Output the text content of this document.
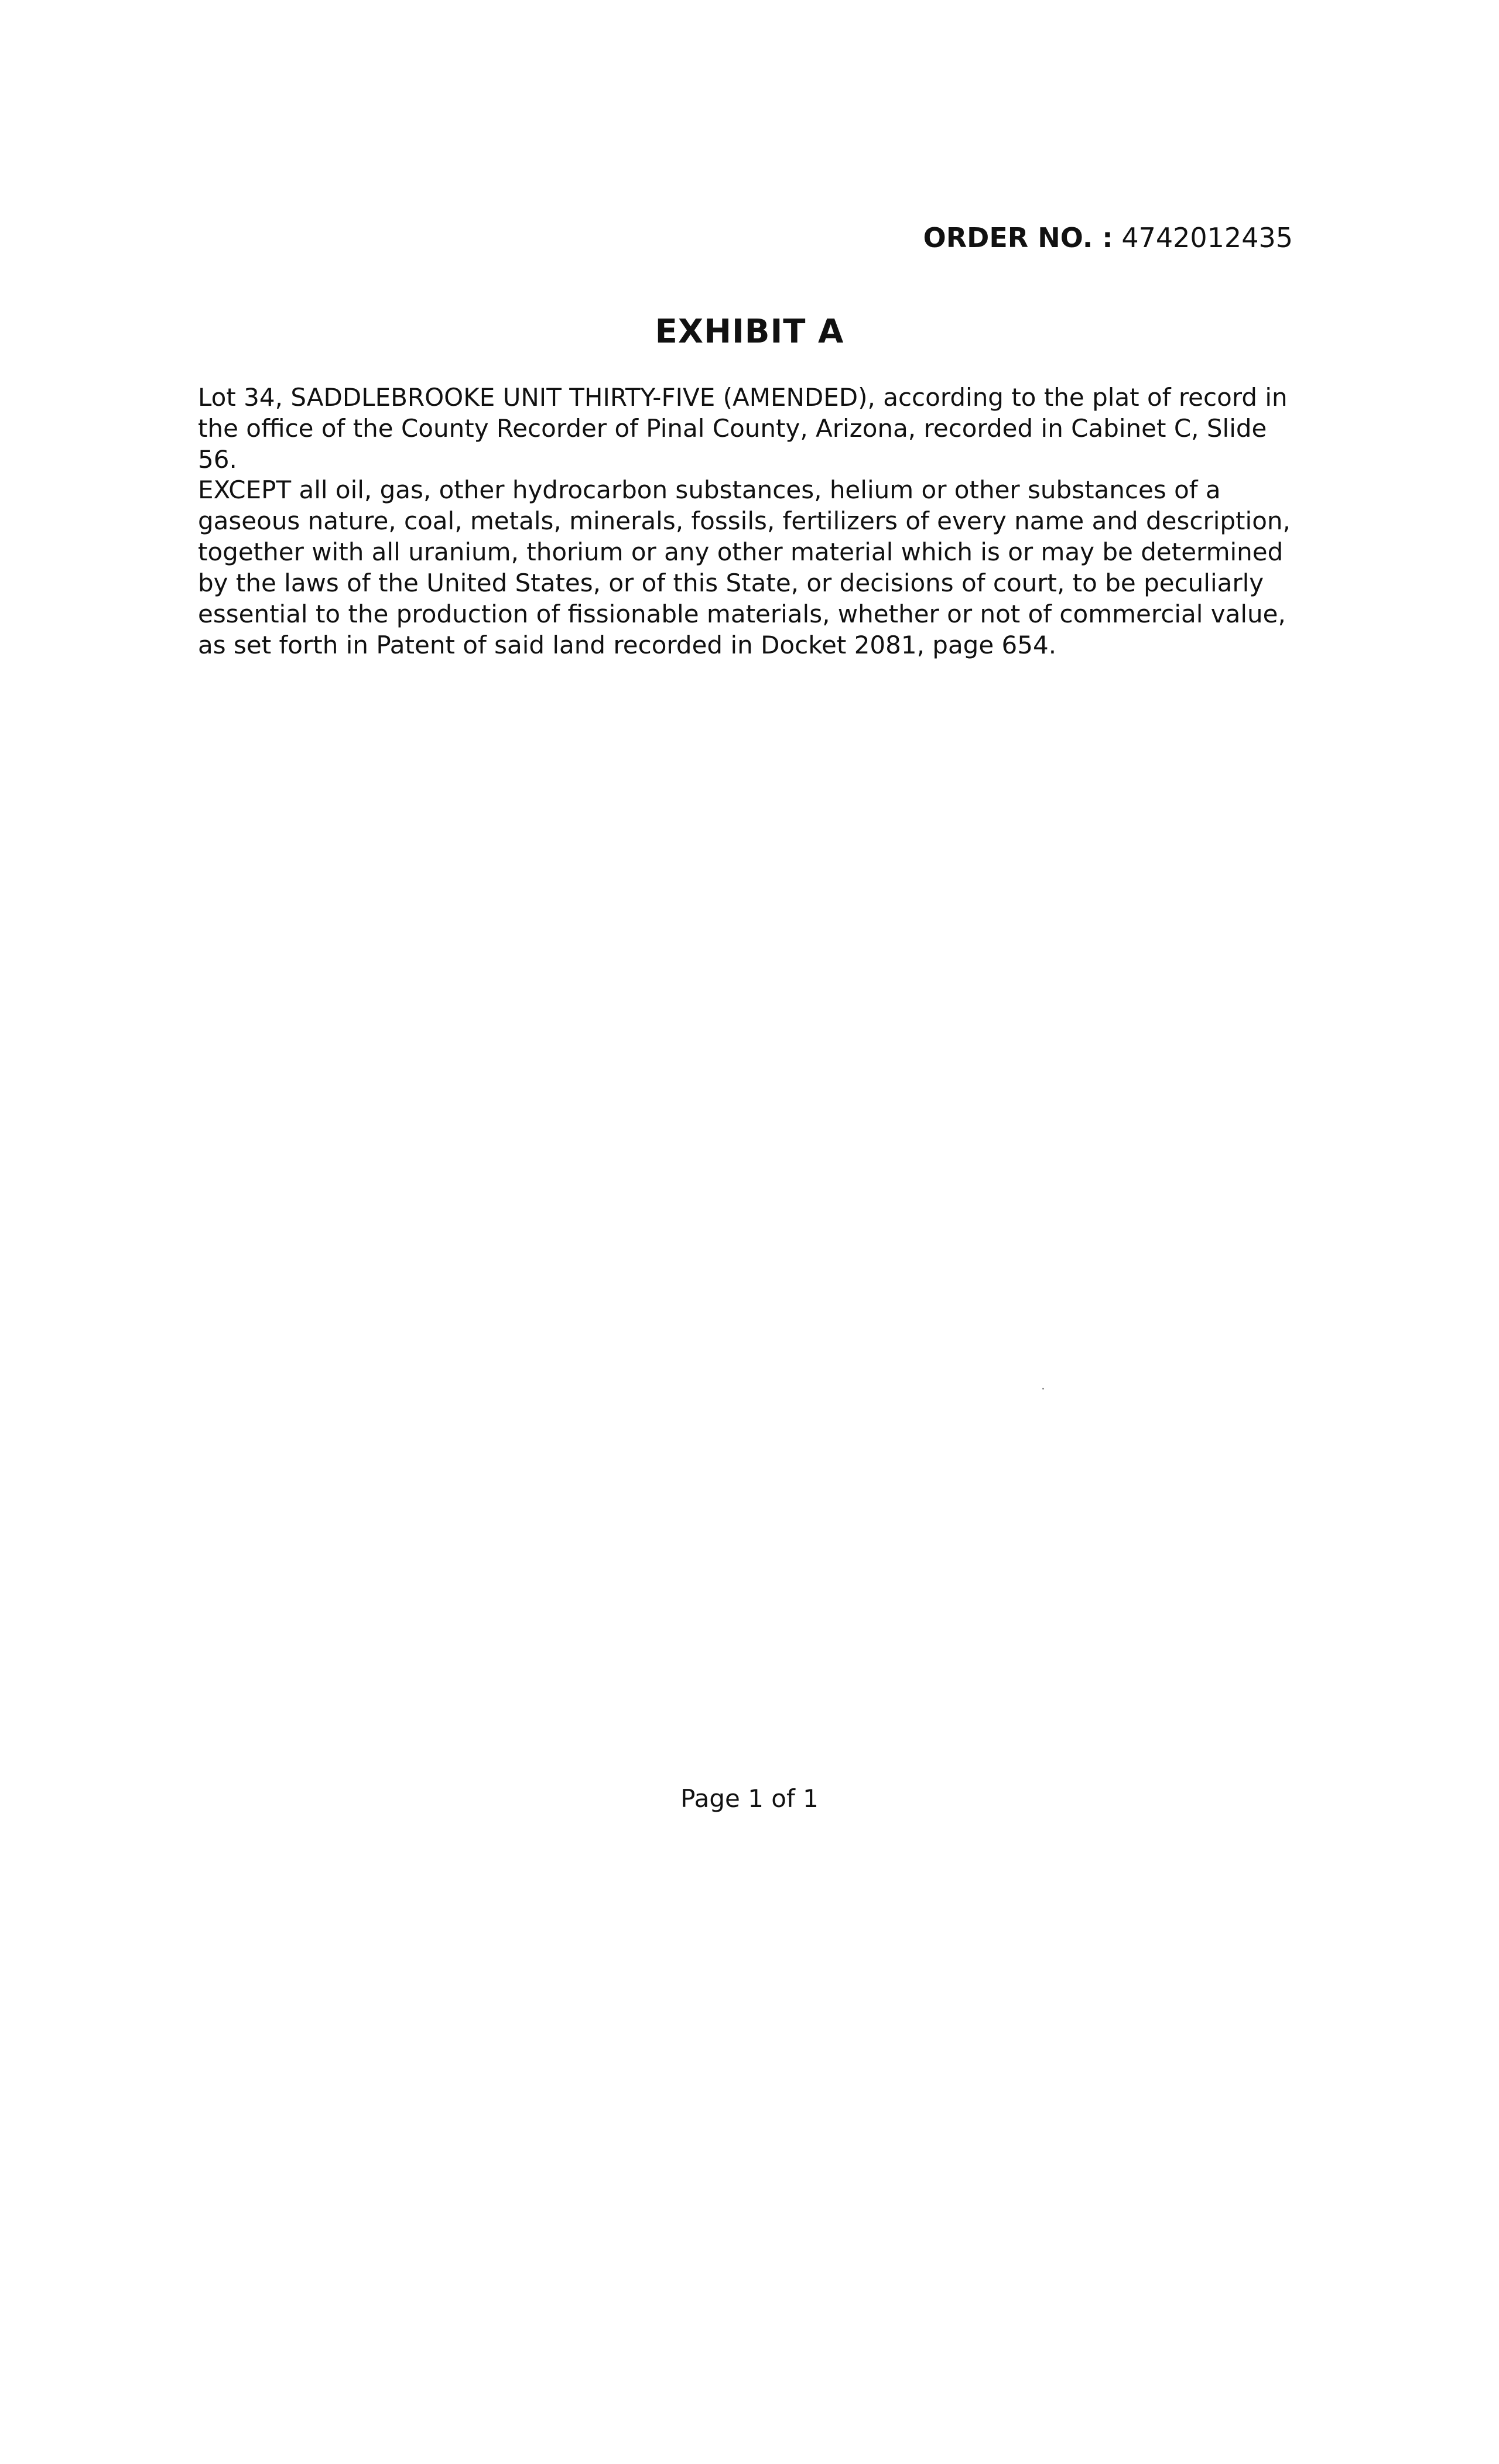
ORDER NO. : 4742012435
EXHIBIT A

Lot 34, SADDLEBROOKE UNIT THIRTY-FIVE (AMENDED), according to the plat of record in the office of the County Recorder of Pinal County, Arizona, recorded in Cabinet C, Slide 56.

EXCEPT all oil, gas, other hydrocarbon substances, helium or other substances of a gaseous nature, coal, metals, minerals, fossils, fertilizers of every name and description, together with all uranium, thorium or any other material which is or may be determined by the laws of the United States, or of this State, or decisions of court, to be peculiarly essential to the production of fissionable materials, whether or not of commercial value, as set forth in Patent of said land recorded in Docket 2081, page 654.

Page 1 of 1
